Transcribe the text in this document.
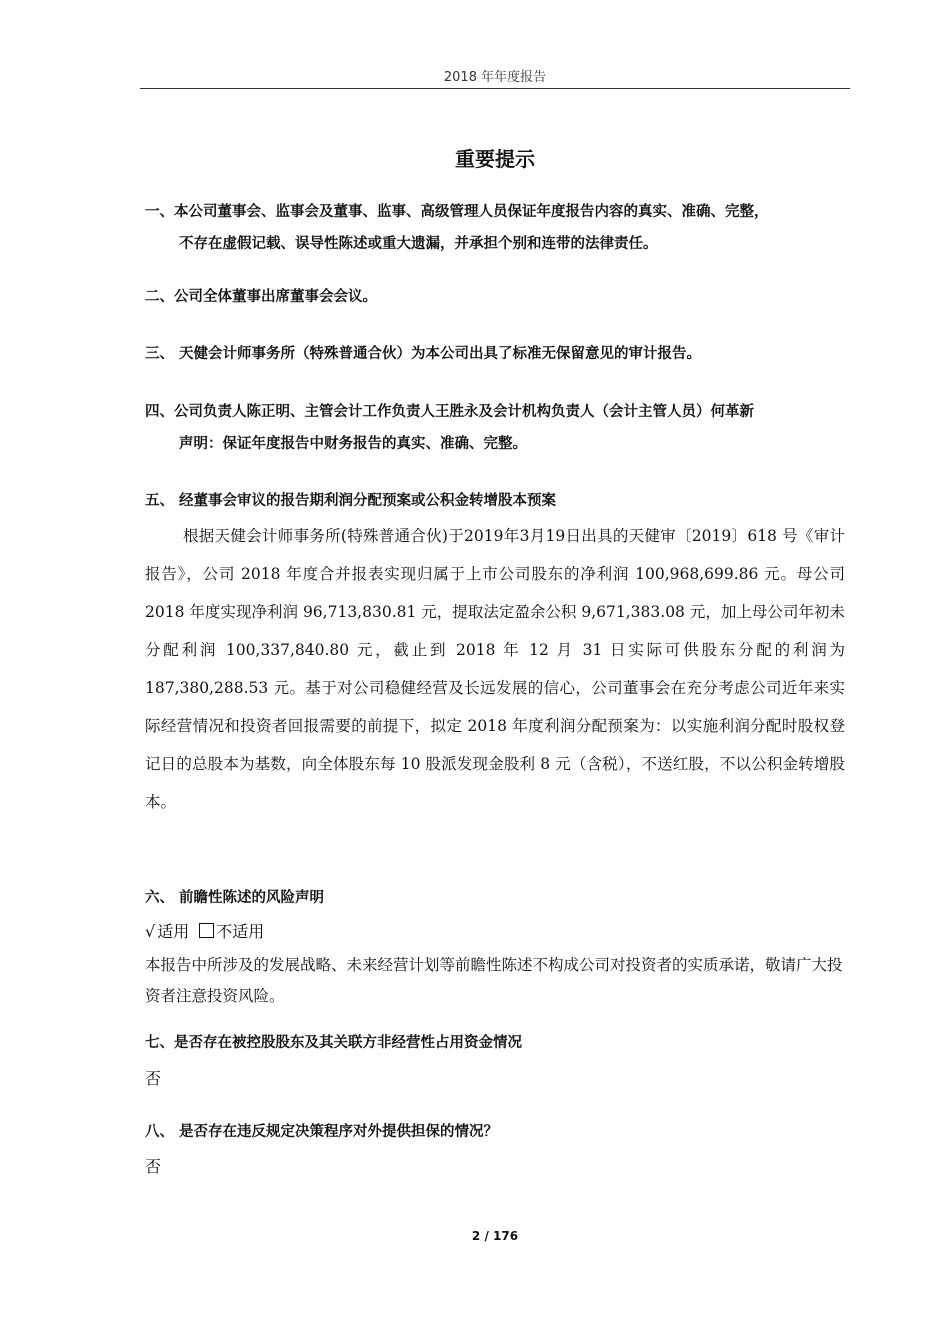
2018 年年度报告
重要提示
一、本公司董事会、监事会及董事、监事、高级管理人员保证年度报告内容的真实、准确、完整，
不存在虚假记载、误导性陈述或重大遗漏，并承担个别和连带的法律责任。
二、公司全体董事出席董事会会议。
三、 天健会计师事务所（特殊普通合伙）为本公司出具了标准无保留意见的审计报告。
四、公司负责人陈正明、主管会计工作负责人王胜永及会计机构负责人（会计主管人员）何革新
声明：保证年度报告中财务报告的真实、准确、完整。
五、 经董事会审议的报告期利润分配预案或公积金转增股本预案
根据天健会计师事务所(特殊普通合伙)于2019年3月19日出具的天健审〔2019〕618 号《审计报告》，公司 2018 年度合并报表实现归属于上市公司股东的净利润 100,968,699.86 元。母公司 2018 年度实现净利润 96,713,830.81 元，提取法定盈余公积 9,671,383.08 元，加上母公司年初未分配利润 100,337,840.80 元，截止到 2018 年 12 月 31 日实际可供股东分配的利润为 187,380,288.53 元。基于对公司稳健经营及长远发展的信心，公司董事会在充分考虑公司近年来实际经营情况和投资者回报需要的前提下，拟定 2018 年度利润分配预案为：以实施利润分配时股权登记日的总股本为基数，向全体股东每 10 股派发现金股利 8 元（含税），不送红股，不以公积金转增股本。
六、 前瞻性陈述的风险声明
√ 适用 不适用
本报告中所涉及的发展战略、未来经营计划等前瞻性陈述不构成公司对投资者的实质承诺，敬请广大投资者注意投资风险。
七、是否存在被控股股东及其关联方非经营性占用资金情况
否
八、 是否存在违反规定决策程序对外提供担保的情况？
否
2 / 176
